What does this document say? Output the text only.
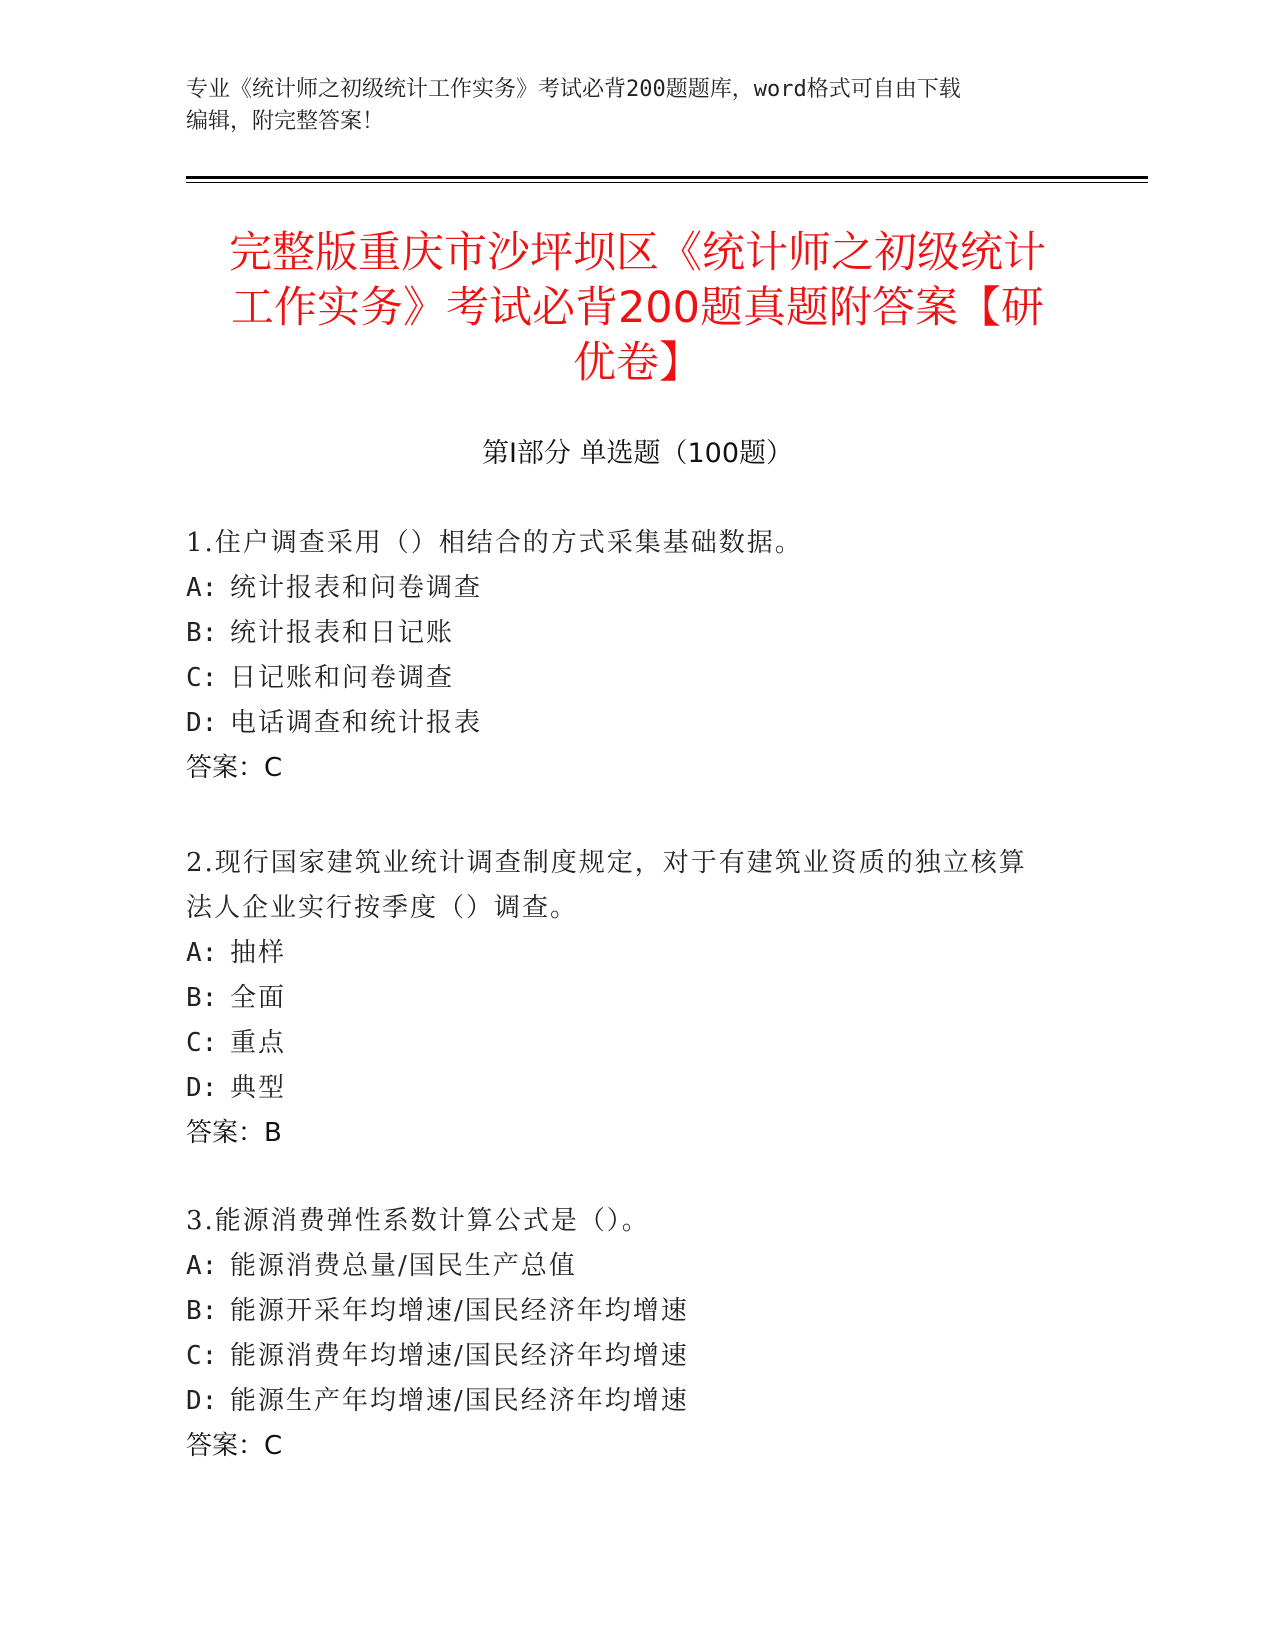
专业《统计师之初级统计工作实务》考试必背200题题库，word格式可自由下载
编辑，附完整答案！
完整版重庆市沙坪坝区《统计师之初级统计
工作实务》考试必背200题真题附答案【研
优卷】
第Ⅰ部分 单选题（100题）
1.住户调查采用（）相结合的方式采集基础数据。
A: 统计报表和问卷调查
B: 统计报表和日记账
C: 日记账和问卷调查
D: 电话调查和统计报表
答案：C
2.现行国家建筑业统计调查制度规定，对于有建筑业资质的独立核算
法人企业实行按季度（）调查。
A: 抽样
B: 全面
C: 重点
D: 典型
答案：B
3.能源消费弹性系数计算公式是（）。
A: 能源消费总量/国民生产总值
B: 能源开采年均增速/国民经济年均增速
C: 能源消费年均增速/国民经济年均增速
D: 能源生产年均增速/国民经济年均增速
答案：C
